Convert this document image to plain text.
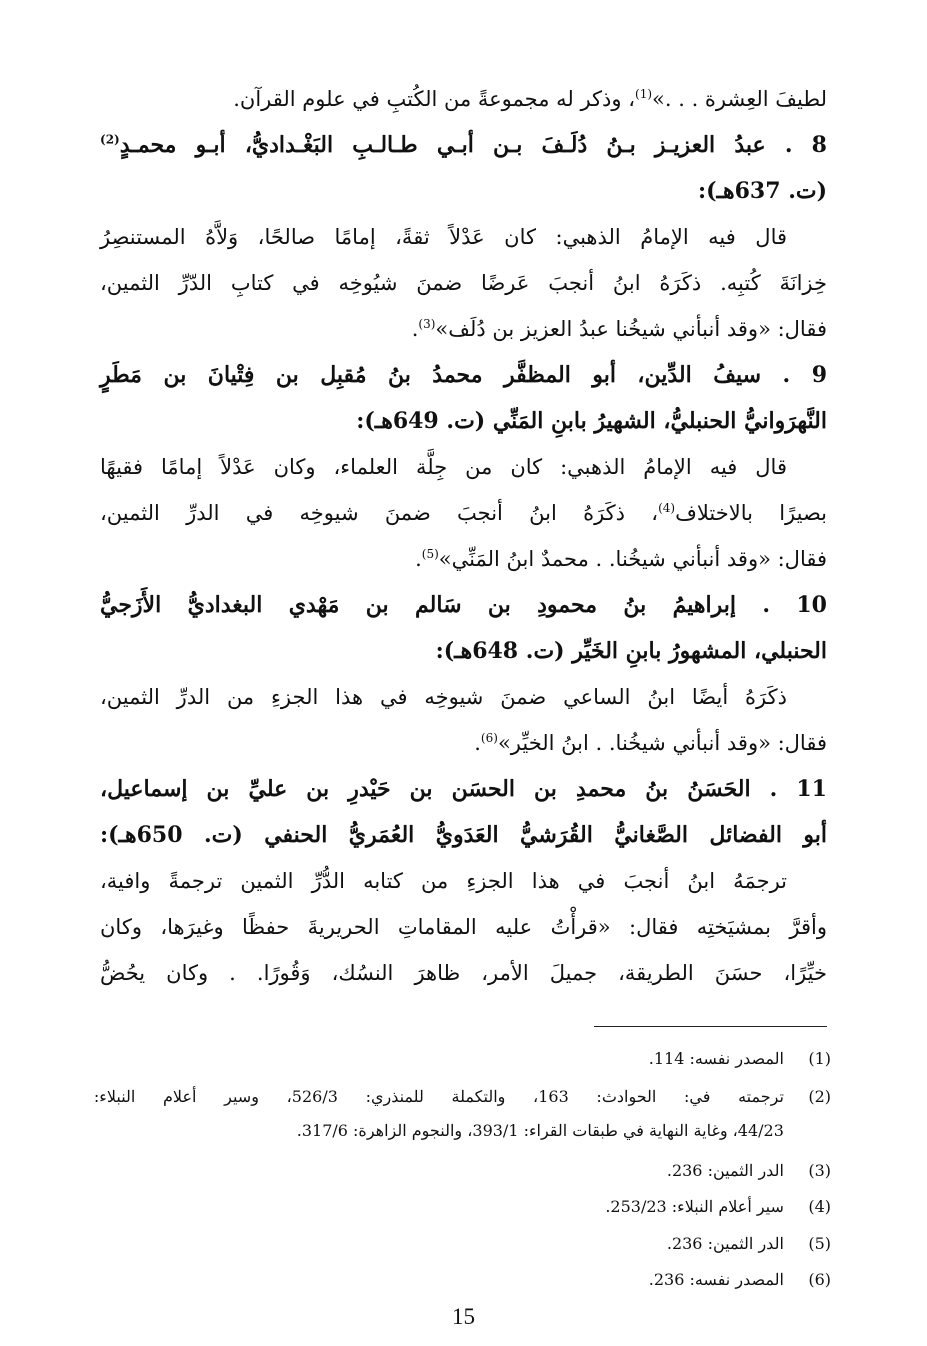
لطيفَ العِشرة . . .»$^{(1)}$، وذكر له مجموعةً من الكُتبِ في علوم القرآن.
8 . عبدُ العزيـز بـنُ دُلَـفَ بـن أبـي طـالـبِ البَغْـداديُّ، أبـو محمـدٍ$^{(2)}$
(ت. 637هـ):
قال فيه الإمامُ الذهبي: كان عَدْلاً ثقةً، إمامًا صالحًا، وَلاَّهُ المستنصِرُ
خِزانَةَ كُتبِه. ذكَرَهُ ابنُ أنجبَ عَرضًا ضمنَ شيُوخِه في كتابِ الدّرِّ الثمين،
فقال: «وقد أنبأني شيخُنا عبدُ العزيز بن دُلَف»$^{(3)}$.
9 . سيفُ الدِّين، أبو المظفَّر محمدُ بنُ مُقبِل بن فِتْيانَ بن مَطَرٍ
النَّهرَوانيُّ الحنبليُّ، الشهيرُ بابنِ المَنِّي (ت. 649هـ):
قال فيه الإمامُ الذهبي: كان من جِلَّة العلماء، وكان عَدْلاً إمامًا فقيهًا
بصيرًا بالاختلاف$^{(4)}$، ذكَرَهُ ابنُ أنجبَ ضمنَ شيوخِه في الدرِّ الثمين،
فقال: «وقد أنبأني شيخُنا. . محمدٌ ابنُ المَنِّي»$^{(5)}$.
10 . إبراهيمُ بنُ محمودِ بن سَالم بن مَهْدي البغداديُّ الأَزَجيُّ
الحنبلي، المشهورُ بابنِ الخَيِّر (ت. 648هـ):
ذكَرَهُ أيضًا ابنُ الساعي ضمنَ شيوخِه في هذا الجزءِ من الدرِّ الثمين،
فقال: «وقد أنبأني شيخُنا. . ابنُ الخيِّر»$^{(6)}$.
11 . الحَسَنُ بنُ محمدِ بن الحسَن بن حَيْدرِ بن عليِّ بن إسماعيل،
أبو الفضائل الصَّغانيُّ القُرَشيُّ العَدَويُّ العُمَريُّ الحنفي (ت. 650هـ):
ترجمَهُ ابنُ أنجبَ في هذا الجزءِ من كتابه الدُّرِّ الثمين ترجمةً وافية،
وأقرَّ بمشيَختِه فقال: «قرأْتُ عليه المقاماتِ الحريريةَ حفظًا وغيرَها، وكان
خيِّرًا، حسَنَ الطريقة، جميلَ الأمر، ظاهرَ النسُك، وَقُورًا. . وكان يحُضُّ
(1) المصدر نفسه: 114.
(2)
ترجمته في: الحوادث: 163، والتكملة للمنذري: 526/3، وسير أعلام النبلاء:
44/23، وغاية النهاية في طبقات القراء: 393/1، والنجوم الزاهرة: 317/6.
(3) الدر الثمين: 236.
(4) سير أعلام النبلاء: 253/23.
(5) الدر الثمين: 236.
(6) المصدر نفسه: 236.
15
